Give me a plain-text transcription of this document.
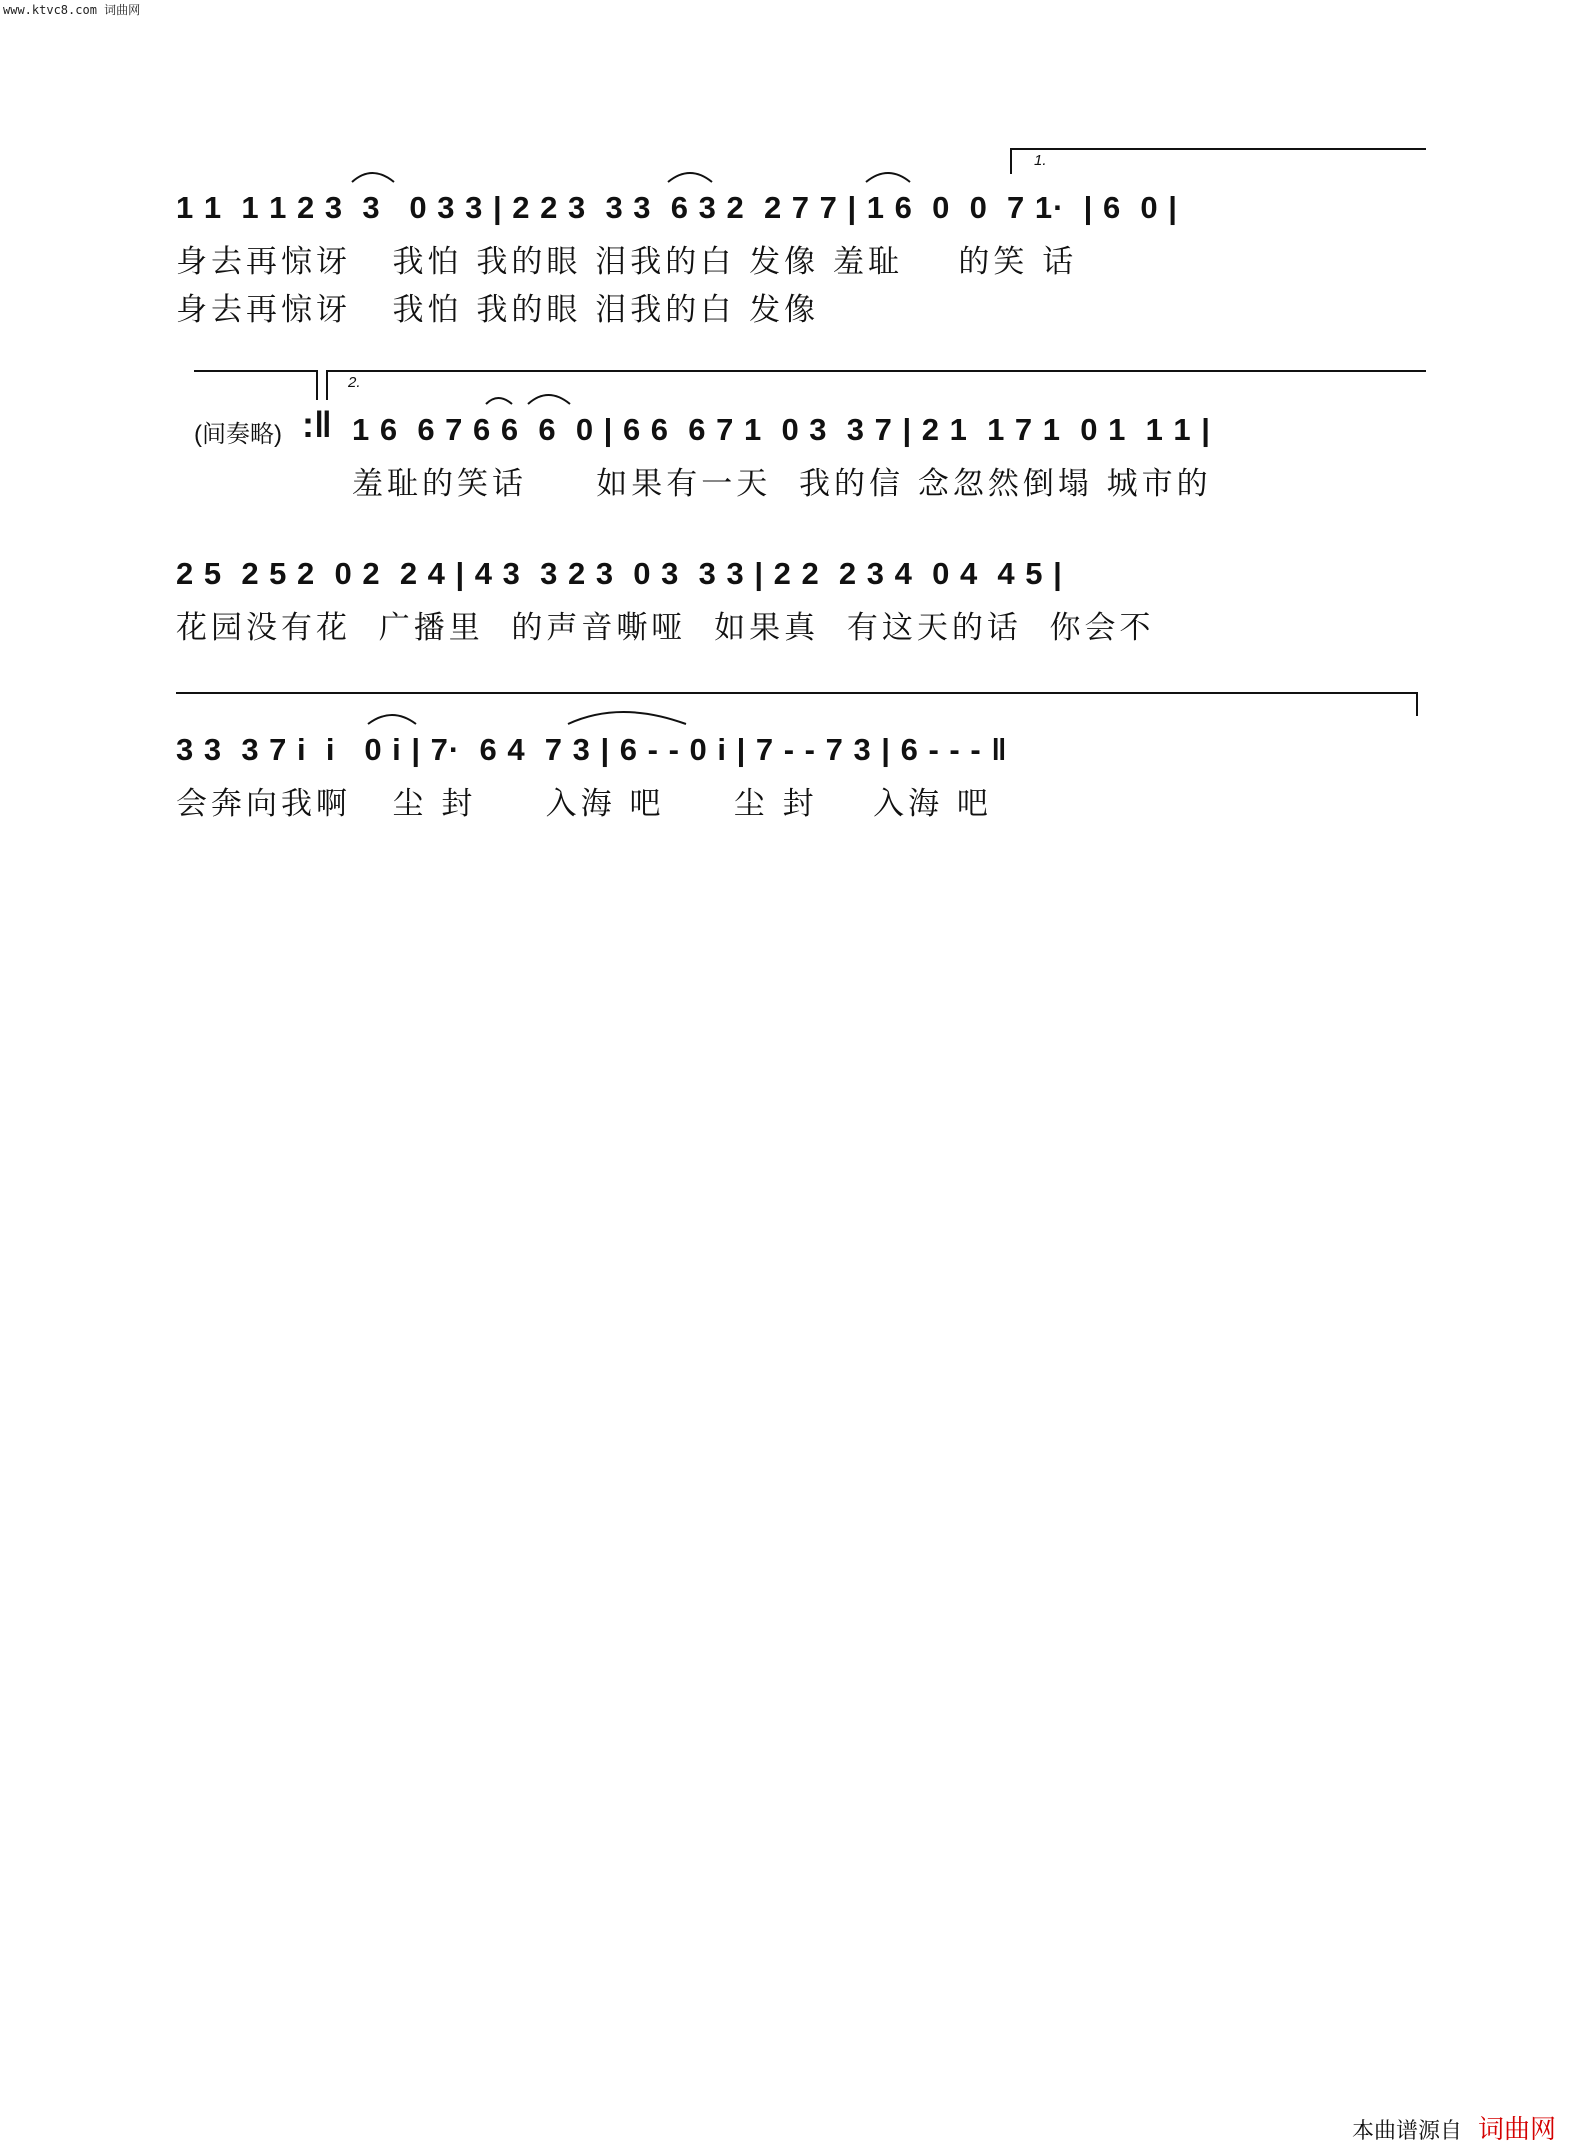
www.ktvc8.com 词曲网
1 1  1 1 2 3  3   0 3 3 | 2 2 3  3 3  6 3 2  2 7 7 | 1 6  0  0  7 1·  | 6  0 |
身去再惊讶   我怕 我的眼 泪我的白 发像 羞耻    的笑 话
身去再惊讶   我怕 我的眼 泪我的白 发像
1.
2.
(间奏略) :‖ 1 6  6 7 6 6  6  0 | 6 6  6 7 1  0 3  3 7 | 2 1  1 7 1  0 1  1 1 |
羞耻的笑话     如果有一天  我的信 念忽然倒塌 城市的
2 5  2 5 2  0 2  2 4 | 4 3  3 2 3  0 3  3 3 | 2 2  2 3 4  0 4  4 5 |
花园没有花  广播里  的声音嘶哑  如果真  有这天的话  你会不
3 3  3 7 i  i   0 i | 7·  6 4  7 3 | 6 - - 0 i | 7 - - 7 3 | 6 - - - ‖
会奔向我啊   尘 封     入海 吧     尘 封    入海 吧
本曲谱源自 词曲网
